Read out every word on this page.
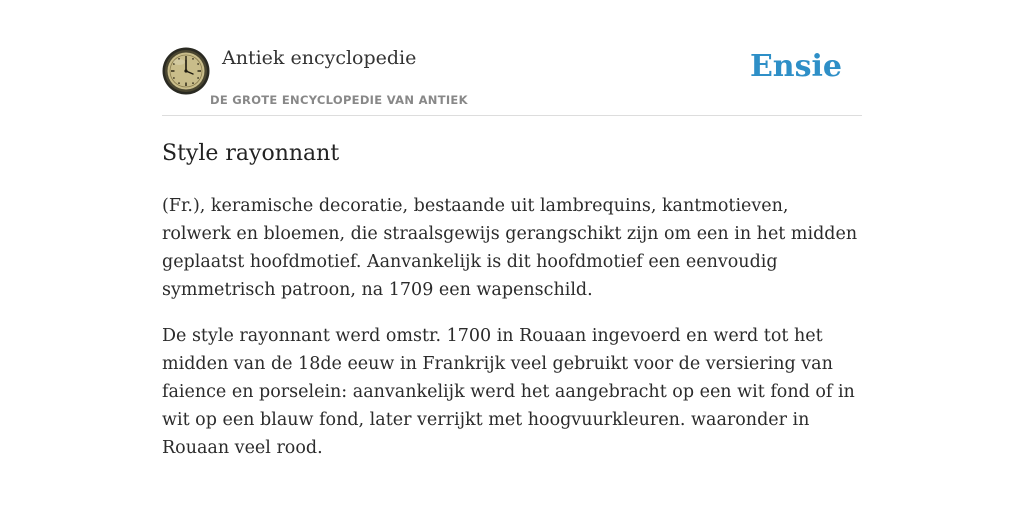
Antiek encyclopedie
DE GROTE ENCYCLOPEDIE VAN ANTIEK
Ensie
Style rayonnant

(Fr.), keramische decoratie, bestaande uit lambrequins, kantmotieven, rolwerk en bloemen, die straalsgewijs gerangschikt zijn om een in het midden geplaatst hoofdmotief. Aanvankelijk is dit hoofdmotief een eenvoudig symmetrisch patroon, na 1709 een wapenschild.

De style rayonnant werd omstr. 1700 in Rouaan ingevoerd en werd tot het midden van de 18de eeuw in Frankrijk veel gebruikt voor de versiering van faience en porselein: aanvankelijk werd het aangebracht op een wit fond of in wit op een blauw fond, later verrijkt met hoogvuurkleuren. waaronder in Rouaan veel rood.
